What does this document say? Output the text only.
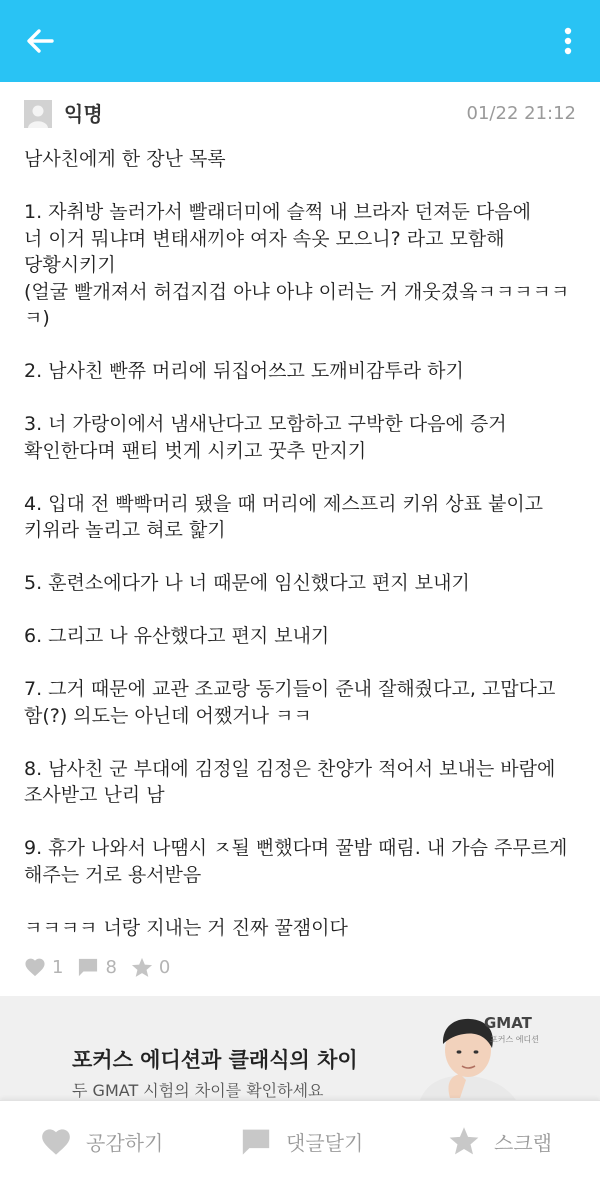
익명	01/22 21:12
남사친에게 한 장난 목록
1. 자취방 놀러가서 빨래더미에 슬쩍 내 브라자 던져둔 다음에
너 이거 뭐냐며 변태새끼야 여자 속옷 모으니? 라고 모함해
당황시키기
(얼굴 빨개져서 허겁지겁 아냐 아냐 이러는 거 개웃겼옼ㅋㅋㅋㅋㅋ
ㅋ)
2. 남사친 빤쮸 머리에 뒤집어쓰고 도깨비감투라 하기
3. 너 가랑이에서 냄새난다고 모함하고 구박한 다음에 증거
확인한다며 팬티 벗게 시키고 꿋추 만지기
4. 입대 전 빡빡머리 됐을 때 머리에 제스프리 키위 상표 붙이고
키위라 놀리고 혀로 핥기
5. 훈련소에다가 나 너 때문에 임신했다고 편지 보내기
6. 그리고 나 유산했다고 편지 보내기
7. 그거 때문에 교관 조교랑 동기들이 준내 잘해줬다고, 고맙다고
함(?) 의도는 아닌데 어쨌거나 ㅋㅋ
8. 남사친 군 부대에 김정일 김정은 찬양가 적어서 보내는 바람에
조사받고 난리 남
9. 휴가 나와서 나땜시 ㅈ될 뻔했다며 꿀밤 때림. 내 가슴 주무르게
해주는 거로 용서받음
ㅋㅋㅋㅋ 너랑 지내는 거 진짜 꿀잼이다
1 8 0
포커스 에디션과 클래식의 차이
두 GMAT 시험의 차이를 확인하세요
GMAT
포커스 에디션
공감하기	댓글달기	스크랩
